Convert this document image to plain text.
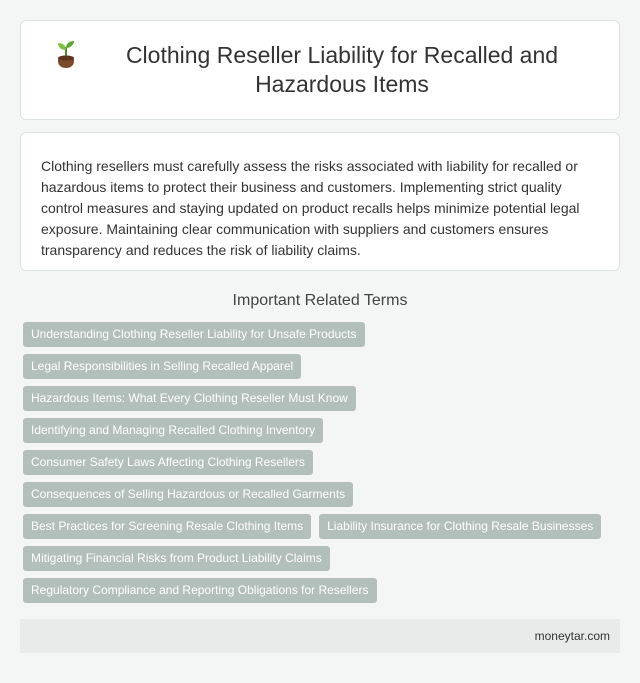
Clothing Reseller Liability for Recalled and Hazardous Items
Clothing resellers must carefully assess the risks associated with liability for recalled or hazardous items to protect their business and customers. Implementing strict quality control measures and staying updated on product recalls helps minimize potential legal exposure. Maintaining clear communication with suppliers and customers ensures transparency and reduces the risk of liability claims.
Important Related Terms
Understanding Clothing Reseller Liability for Unsafe Products
Legal Responsibilities in Selling Recalled Apparel
Hazardous Items: What Every Clothing Reseller Must Know
Identifying and Managing Recalled Clothing Inventory
Consumer Safety Laws Affecting Clothing Resellers
Consequences of Selling Hazardous or Recalled Garments
Best Practices for Screening Resale Clothing Items Liability Insurance for Clothing Resale Businesses
Mitigating Financial Risks from Product Liability Claims
Regulatory Compliance and Reporting Obligations for Resellers
moneytar.com
